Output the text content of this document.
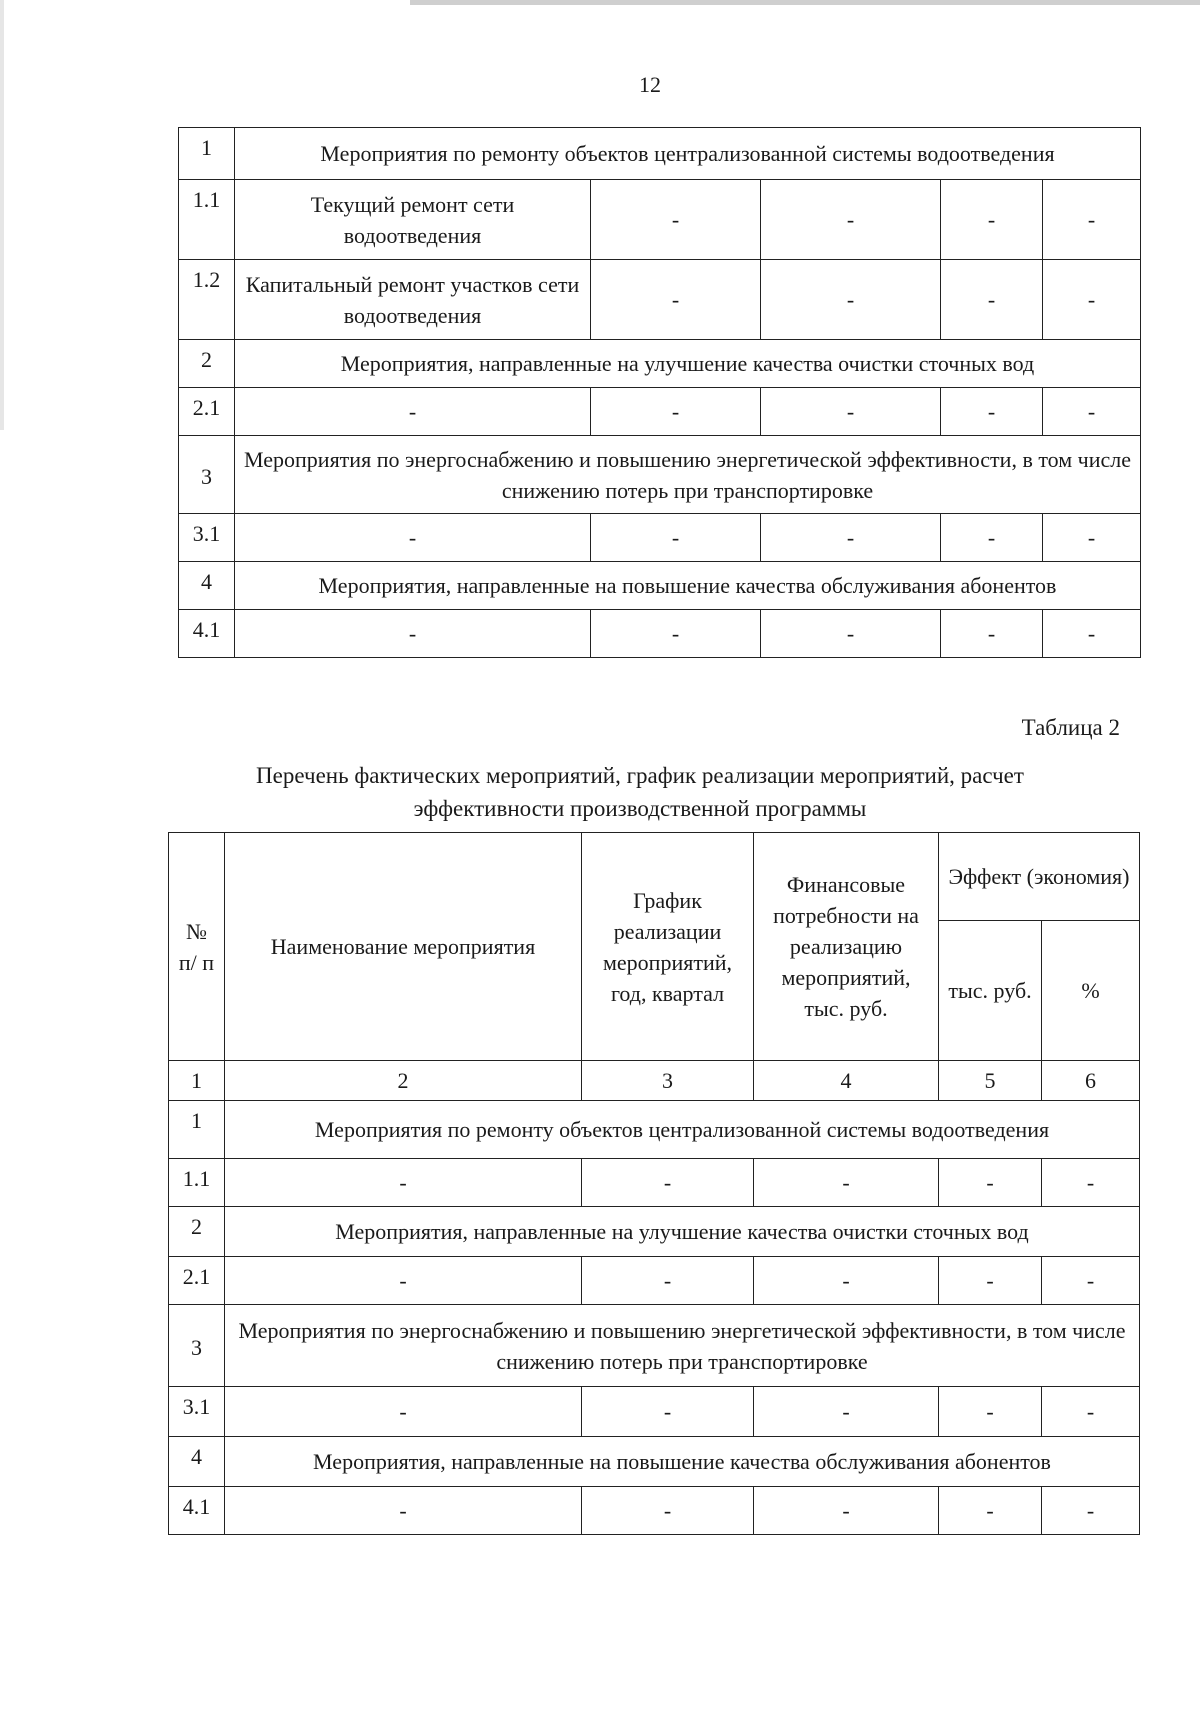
12
1	Мероприятия по ремонту объектов централизованной системы водоотведения				
1.1	Текущий ремонт сети водоотведения	-	-	-	-
1.2	Капитальный ремонт участков сети водоотведения	-	-	-	-
2	Мероприятия, направленные на улучшение качества очистки сточных вод				
2.1	-	-	-	-	-
3	Мероприятия по энергоснабжению и повышению энергетической эффективности, в том числе снижению потерь при транспортировке				
3.1	-	-	-	-	-
4	Мероприятия, направленные на повышение качества обслуживания абонентов				
4.1	-	-	-	-	-
Таблица 2
Перечень фактических мероприятий, график реализации мероприятий, расчет
эффективности производственной программы
№ п/ п	Наименование мероприятия	График реализации мероприятий, год, квартал	Финансовые потребности на реализацию мероприятий, тыс. руб.	Эффект (экономия)	
				тыс. руб.	%
1	2	3	4	5	6
1	Мероприятия по ремонту объектов централизованной системы водоотведения				
1.1	-	-	-	-	-
2	Мероприятия, направленные на улучшение качества очистки сточных вод				
2.1	-	-	-	-	-
3	Мероприятия по энергоснабжению и повышению энергетической эффективности, в том числе снижению потерь при транспортировке				
3.1	-	-	-	-	-
4	Мероприятия, направленные на повышение качества обслуживания абонентов				
4.1	-	-	-	-	-
